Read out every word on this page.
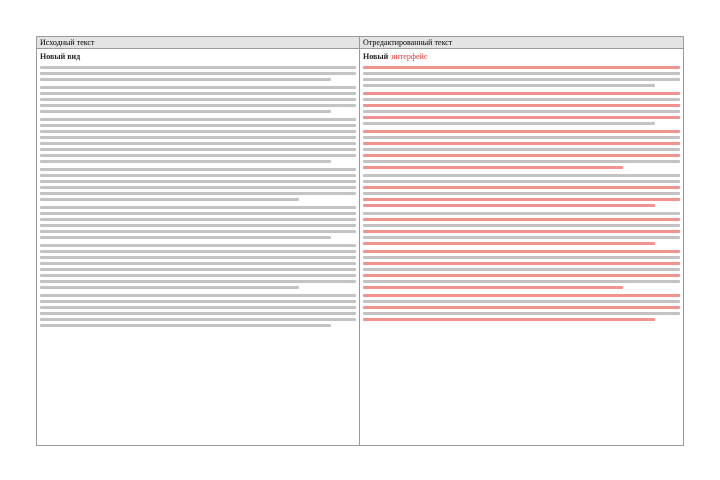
Исходный текст	Отредактированный текст
Новый вид	Новый интерфейс
